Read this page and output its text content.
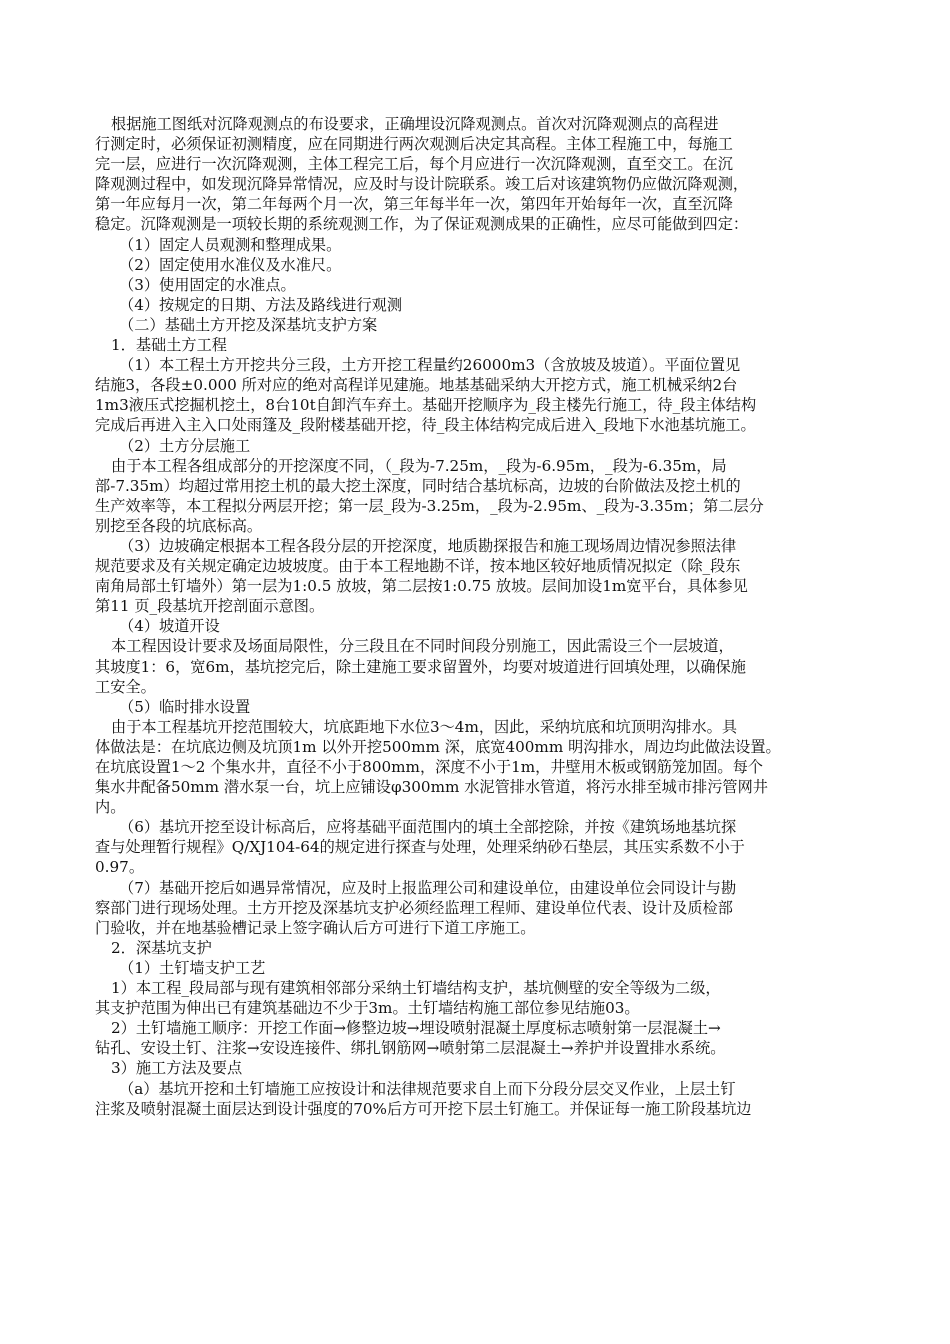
根据施工图纸对沉降观测点的布设要求，正确埋设沉降观测点。首次对沉降观测点的高程进
行测定时，必须保证初测精度，应在同期进行两次观测后决定其高程。主体工程施工中，每施工
完一层，应进行一次沉降观测，主体工程完工后，每个月应进行一次沉降观测，直至交工。在沉
降观测过程中，如发现沉降异常情况，应及时与设计院联系。竣工后对该建筑物仍应做沉降观测，
第一年应每月一次，第二年每两个月一次，第三年每半年一次，第四年开始每年一次，直至沉降
稳定。沉降观测是一项较长期的系统观测工作，为了保证观测成果的正确性，应尽可能做到四定：
（1）固定人员观测和整理成果。
（2）固定使用水准仪及水准尺。
（3）使用固定的水准点。
（4）按规定的日期、方法及路线进行观测
（二）基础土方开挖及深基坑支护方案
1．基础土方工程
（1）本工程土方开挖共分三段，土方开挖工程量约26000m3（含放坡及坡道）。平面位置见
结施3，各段±0.000 所对应的绝对高程详见建施。地基基础采纳大开挖方式，施工机械采纳2台
1m3液压式挖掘机挖土，8台10t自卸汽车弃土。基础开挖顺序为_段主楼先行施工，待_段主体结构
完成后再进入主入口处雨篷及_段附楼基础开挖，待_段主体结构完成后进入_段地下水池基坑施工。
（2）土方分层施工
由于本工程各组成部分的开挖深度不同，（_段为-7.25m，_段为-6.95m，_段为-6.35m，局
部-7.35m）均超过常用挖土机的最大挖土深度，同时结合基坑标高，边坡的台阶做法及挖土机的
生产效率等，本工程拟分两层开挖；第一层_段为-3.25m，_段为-2.95m、_段为-3.35m；第二层分
别挖至各段的坑底标高。
（3）边坡确定根据本工程各段分层的开挖深度，地质勘探报告和施工现场周边情况参照法律
规范要求及有关规定确定边坡坡度。由于本工程地勘不详，按本地区较好地质情况拟定（除_段东
南角局部土钉墙外）第一层为1:0.5 放坡，第二层按1:0.75 放坡。层间加设1m宽平台，具体参见
第11 页_段基坑开挖剖面示意图。
（4）坡道开设
本工程因设计要求及场面局限性，分三段且在不同时间段分别施工，因此需设三个一层坡道，
其坡度1：6，宽6m，基坑挖完后，除土建施工要求留置外，均要对坡道进行回填处理，以确保施
工安全。
（5）临时排水设置
由于本工程基坑开挖范围较大，坑底距地下水位3～4m，因此，采纳坑底和坑顶明沟排水。具
体做法是：在坑底边侧及坑顶1m 以外开挖500mm 深，底宽400mm 明沟排水，周边均此做法设置。
在坑底设置1～2 个集水井，直径不小于800mm，深度不小于1m，井壁用木板或钢筋笼加固。每个
集水井配备50mm 潜水泵一台，坑上应铺设φ300mm 水泥管排水管道，将污水排至城市排污管网井
内。
（6）基坑开挖至设计标高后，应将基础平面范围内的填土全部挖除，并按《建筑场地基坑探
查与处理暂行规程》Q/XJ104-64的规定进行探查与处理，处理采纳砂石垫层，其压实系数不小于
0.97。
（7）基础开挖后如遇异常情况，应及时上报监理公司和建设单位，由建设单位会同设计与勘
察部门进行现场处理。土方开挖及深基坑支护必须经监理工程师、建设单位代表、设计及质检部
门验收，并在地基验槽记录上签字确认后方可进行下道工序施工。
2．深基坑支护
（1）土钉墙支护工艺
1）本工程_段局部与现有建筑相邻部分采纳土钉墙结构支护，基坑侧壁的安全等级为二级，
其支护范围为伸出已有建筑基础边不少于3m。土钉墙结构施工部位参见结施03。
2）土钉墙施工顺序：开挖工作面→修整边坡→埋设喷射混凝土厚度标志喷射第一层混凝土→
钻孔、安设土钉、注浆→安设连接件、绑扎钢筋网→喷射第二层混凝土→养护并设置排水系统。
3）施工方法及要点
（a）基坑开挖和土钉墙施工应按设计和法律规范要求自上而下分段分层交叉作业，上层土钉
注浆及喷射混凝土面层达到设计强度的70%后方可开挖下层土钉施工。并保证每一施工阶段基坑边
